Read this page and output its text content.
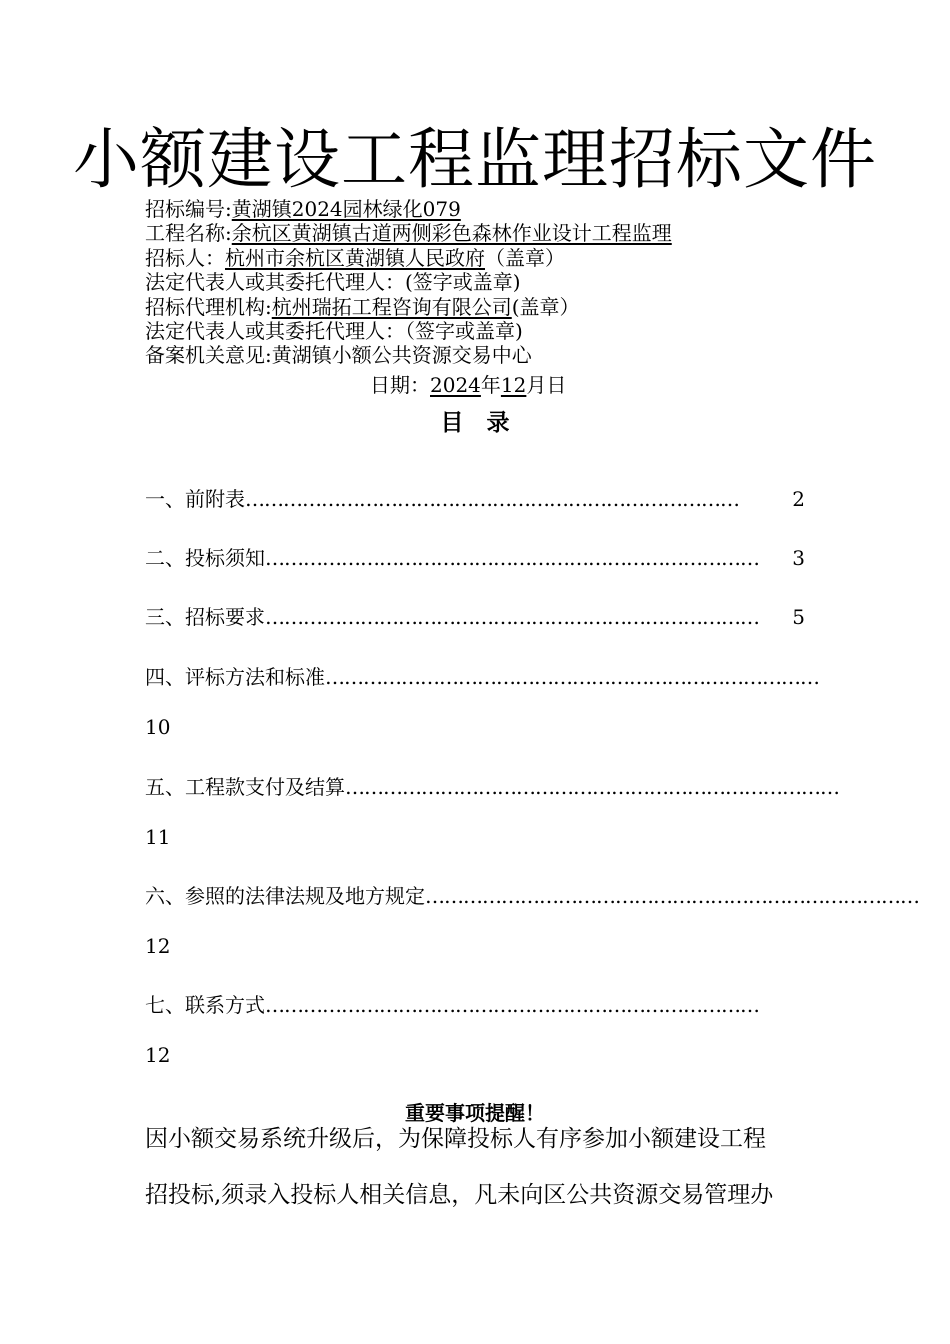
小额建设工程监理招标文件
招标编号:黄湖镇2024园林绿化079
工程名称:余杭区黄湖镇古道两侧彩色森林作业设计工程监理
招标人：杭州市余杭区黄湖镇人民政府（盖章）
法定代表人或其委托代理人：(签字或盖章)
招标代理机构:杭州瑞拓工程咨询有限公司(盖章）
法定代表人或其委托代理人：（签字或盖章)
备案机关意见:黄湖镇小额公共资源交易中心
日期：2024年12月日
目　录
一、前附表 ……………………………………………………………………	2
二、投标须知 ……………………………………………………………………	3
三、招标要求 ……………………………………………………………………	5
四、评标方法和标准 ……………………………………………………………………
10
五、工程款支付及结算 ……………………………………………………………………
11
六、参照的法律法规及地方规定 ……………………………………………………………………
12
七、联系方式 ……………………………………………………………………
12
重要事项提醒！
因小额交易系统升级后，为保障投标人有序参加小额建设工程
招投标,须录入投标人相关信息，凡未向区公共资源交易管理办
